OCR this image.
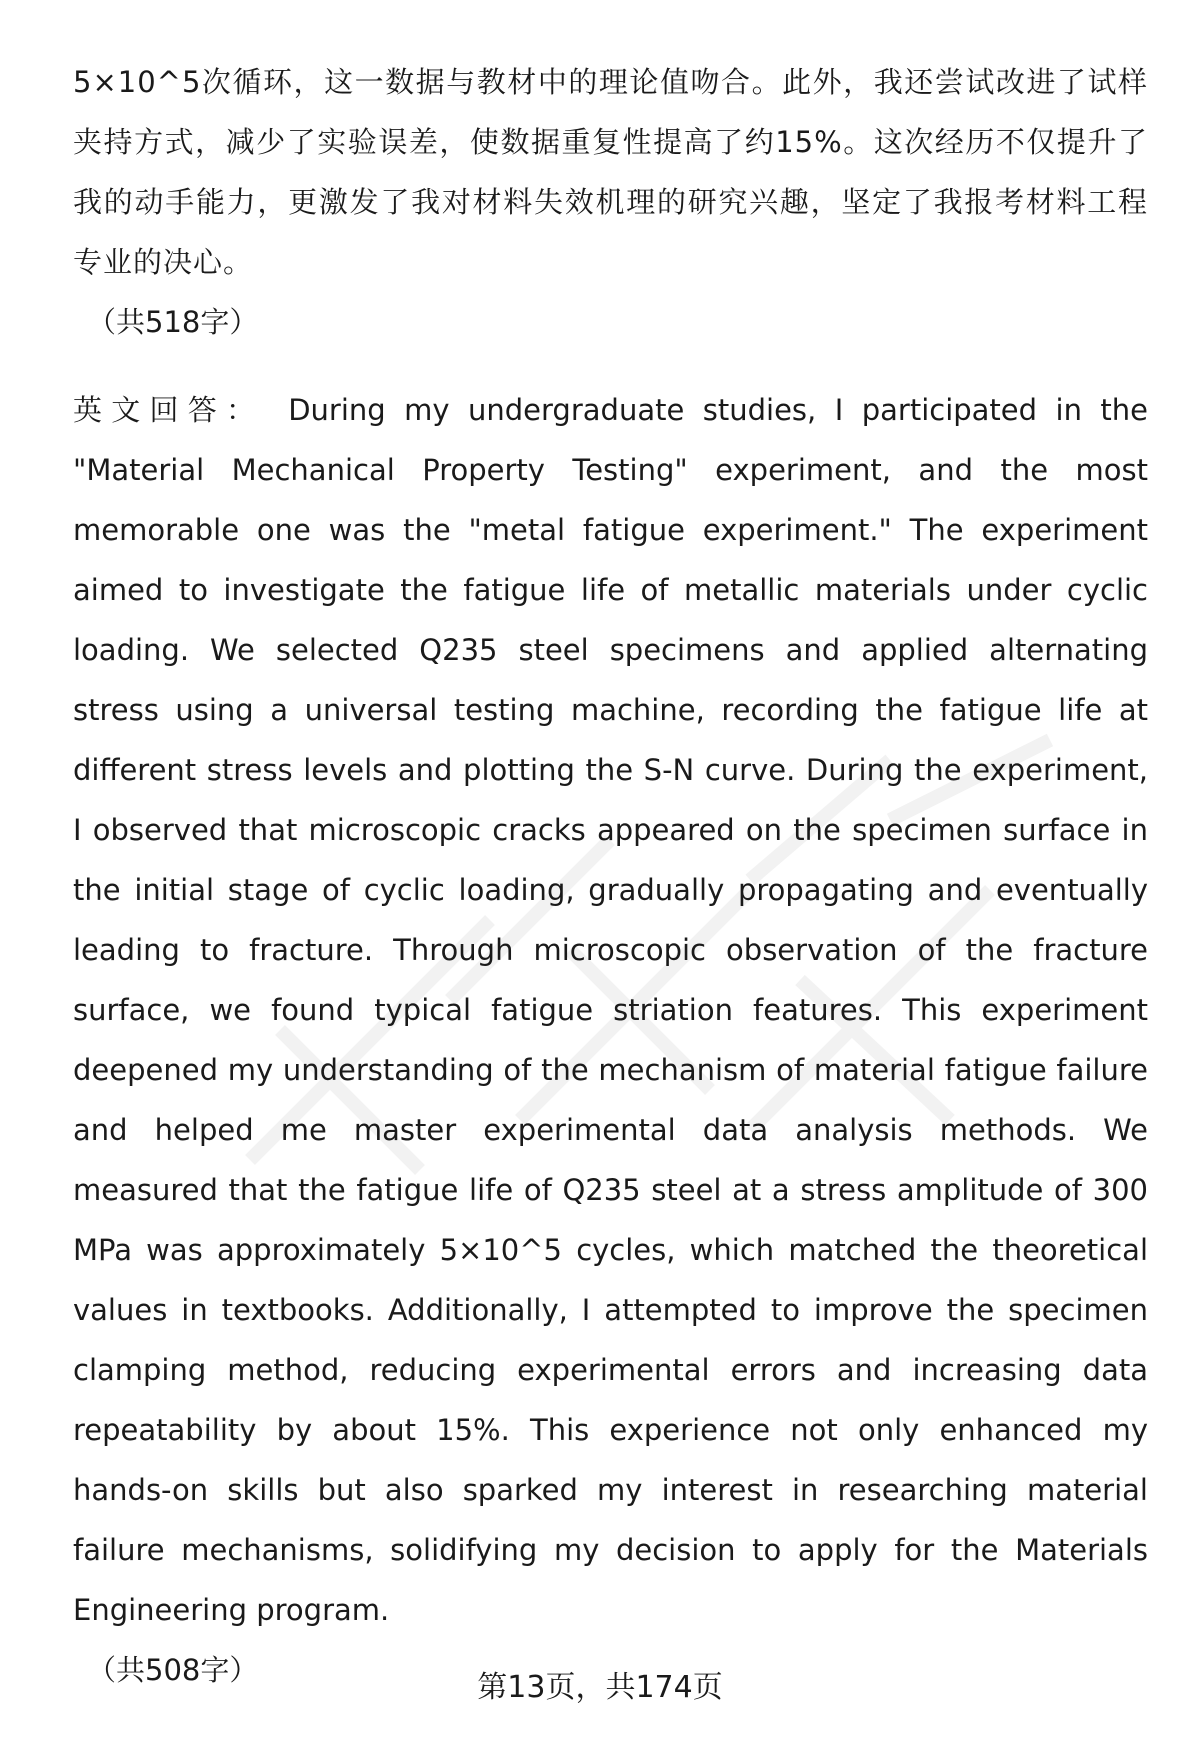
5×10^5次循环，这一数据与教材中的理论值吻合。此外，我还尝试改进了试样夹持方式，减少了实验误差，使数据重复性提高了约15%。这次经历不仅提升了我的动手能力，更激发了我对材料失效机理的研究兴趣，坚定了我报考材料工程专业的决心。

（共518字）

英文回答： During my undergraduate studies, I participated in the "Material Mechanical Property Testing" experiment, and the most memorable one was the "metal fatigue experiment." The experiment aimed to investigate the fatigue life of metallic materials under cyclic loading. We selected Q235 steel specimens and applied alternating stress using a universal testing machine, recording the fatigue life at different stress levels and plotting the S-N curve. During the experiment, I observed that microscopic cracks appeared on the specimen surface in the initial stage of cyclic loading, gradually propagating and eventually leading to fracture. Through microscopic observation of the fracture surface, we found typical fatigue striation features. This experiment deepened my understanding of the mechanism of material fatigue failure and helped me master experimental data analysis methods. We measured that the fatigue life of Q235 steel at a stress amplitude of 300 MPa was approximately 5×10^5 cycles, which matched the theoretical values in textbooks. Additionally, I attempted to improve the specimen clamping method, reducing experimental errors and increasing data repeatability by about 15%. This experience not only enhanced my hands-on skills but also sparked my interest in researching material failure mechanisms, solidifying my decision to apply for the Materials Engineering program.

（共508字）	第13页，共174页
